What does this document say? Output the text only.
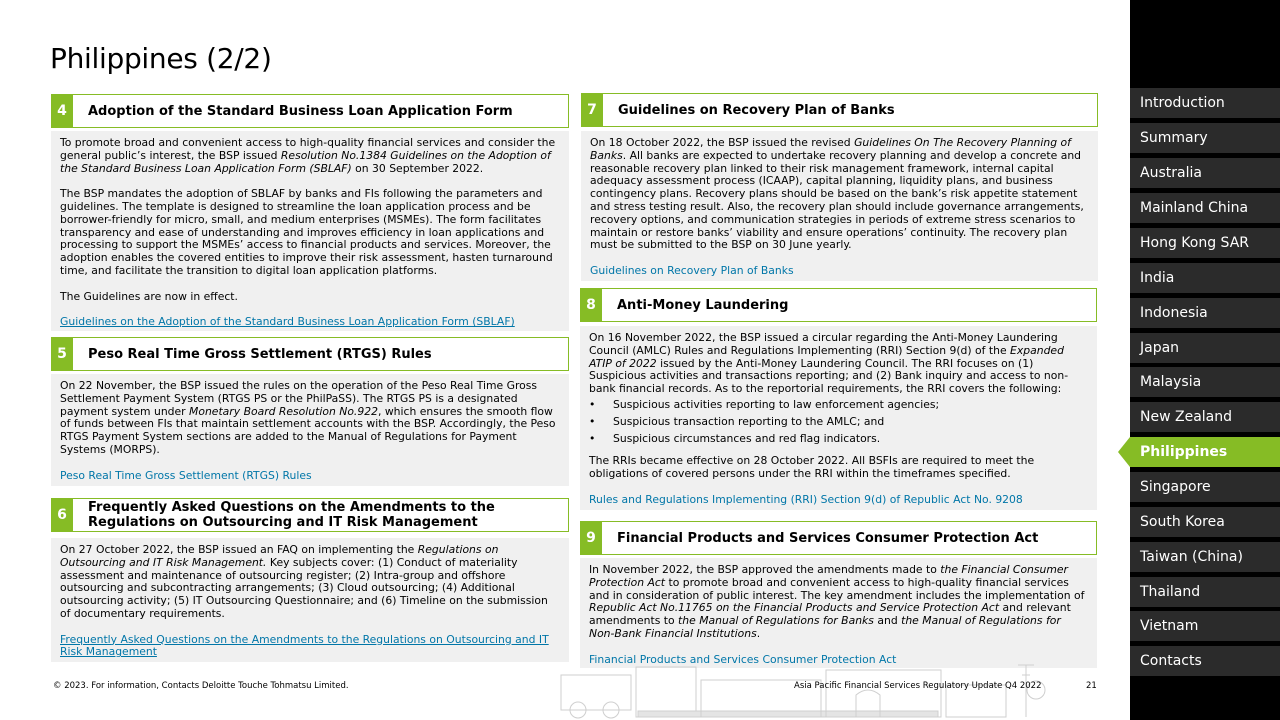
Philippines (2/2)
4	Adoption of the Standard Business Loan Application Form

To promote broad and convenient access to high-quality financial services and consider the general public’s interest, the BSP issued Resolution No.1384 Guidelines on the Adoption of the Standard Business Loan Application Form (SBLAF) on 30 September 2022.

The BSP mandates the adoption of SBLAF by banks and FIs following the parameters and guidelines. The template is designed to streamline the loan application process and be borrower-friendly for micro, small, and medium enterprises (MSMEs). The form facilitates transparency and ease of understanding and improves efficiency in loan applications and processing to support the MSMEs’ access to financial products and services. Moreover, the adoption enables the covered entities to improve their risk assessment, hasten turnaround time, and facilitate the transition to digital loan application platforms.

The Guidelines are now in effect.

Guidelines on the Adoption of the Standard Business Loan Application Form (SBLAF)

5	Peso Real Time Gross Settlement (RTGS) Rules

On 22 November, the BSP issued the rules on the operation of the Peso Real Time Gross Settlement Payment System (RTGS PS or the PhilPaSS). The RTGS PS is a designated payment system under Monetary Board Resolution No.922, which ensures the smooth flow of funds between FIs that maintain settlement accounts with the BSP. Accordingly, the Peso RTGS Payment System sections are added to the Manual of Regulations for Payment Systems (MORPS).

Peso Real Time Gross Settlement (RTGS) Rules

6	Frequently Asked Questions on the Amendments to the Regulations on Outsourcing and IT Risk Management

On 27 October 2022, the BSP issued an FAQ on implementing the Regulations on Outsourcing and IT Risk Management. Key subjects cover: (1) Conduct of materiality assessment and maintenance of outsourcing register; (2) Intra-group and offshore outsourcing and subcontracting arrangements; (3) Cloud outsourcing; (4) Additional outsourcing activity; (5) IT Outsourcing Questionnaire; and (6) Timeline on the submission of documentary requirements.

Frequently Asked Questions on the Amendments to the Regulations on Outsourcing and IT Risk Management

7	Guidelines on Recovery Plan of Banks

On 18 October 2022, the BSP issued the revised Guidelines On The Recovery Planning of Banks. All banks are expected to undertake recovery planning and develop a concrete and reasonable recovery plan linked to their risk management framework, internal capital adequacy assessment process (ICAAP), capital planning, liquidity plans, and business contingency plans. Recovery plans should be based on the bank’s risk appetite statement and stress testing result. Also, the recovery plan should include governance arrangements, recovery options, and communication strategies in periods of extreme stress scenarios to maintain or restore banks’ viability and ensure operations’ continuity. The recovery plan must be submitted to the BSP on 30 June yearly.

Guidelines on Recovery Plan of Banks

8	Anti-Money Laundering

On 16 November 2022, the BSP issued a circular regarding the Anti-Money Laundering Council (AMLC) Rules and Regulations Implementing (RRI) Section 9(d) of the Expanded ATIP of 2022 issued by the Anti-Money Laundering Council. The RRI focuses on (1) Suspicious activities and transactions reporting; and (2) Bank inquiry and access to non-bank financial records. As to the reportorial requirements, the RRI covers the following:

• Suspicious activities reporting to law enforcement agencies;
• Suspicious transaction reporting to the AMLC; and
• Suspicious circumstances and red flag indicators.

The RRIs became effective on 28 October 2022. All BSFIs are required to meet the obligations of covered persons under the RRI within the timeframes specified.

Rules and Regulations Implementing (RRI) Section 9(d) of Republic Act No. 9208

9	Financial Products and Services Consumer Protection Act

In November 2022, the BSP approved the amendments made to the Financial Consumer Protection Act to promote broad and convenient access to high-quality financial services and in consideration of public interest. The key amendment includes the implementation of Republic Act No.11765 on the Financial Products and Service Protection Act and relevant amendments to the Manual of Regulations for Banks and the Manual of Regulations for Non-Bank Financial Institutions.

Financial Products and Services Consumer Protection Act

© 2023. For information, Contacts Deloitte Touche Tohmatsu Limited.	Asia Pacific Financial Services Regulatory Update Q4 2022	21
Introduction
Summary
Australia
Mainland China
Hong Kong SAR
India
Indonesia
Japan
Malaysia
New Zealand
Philippines
Singapore
South Korea
Taiwan (China)
Thailand
Vietnam
Contacts
